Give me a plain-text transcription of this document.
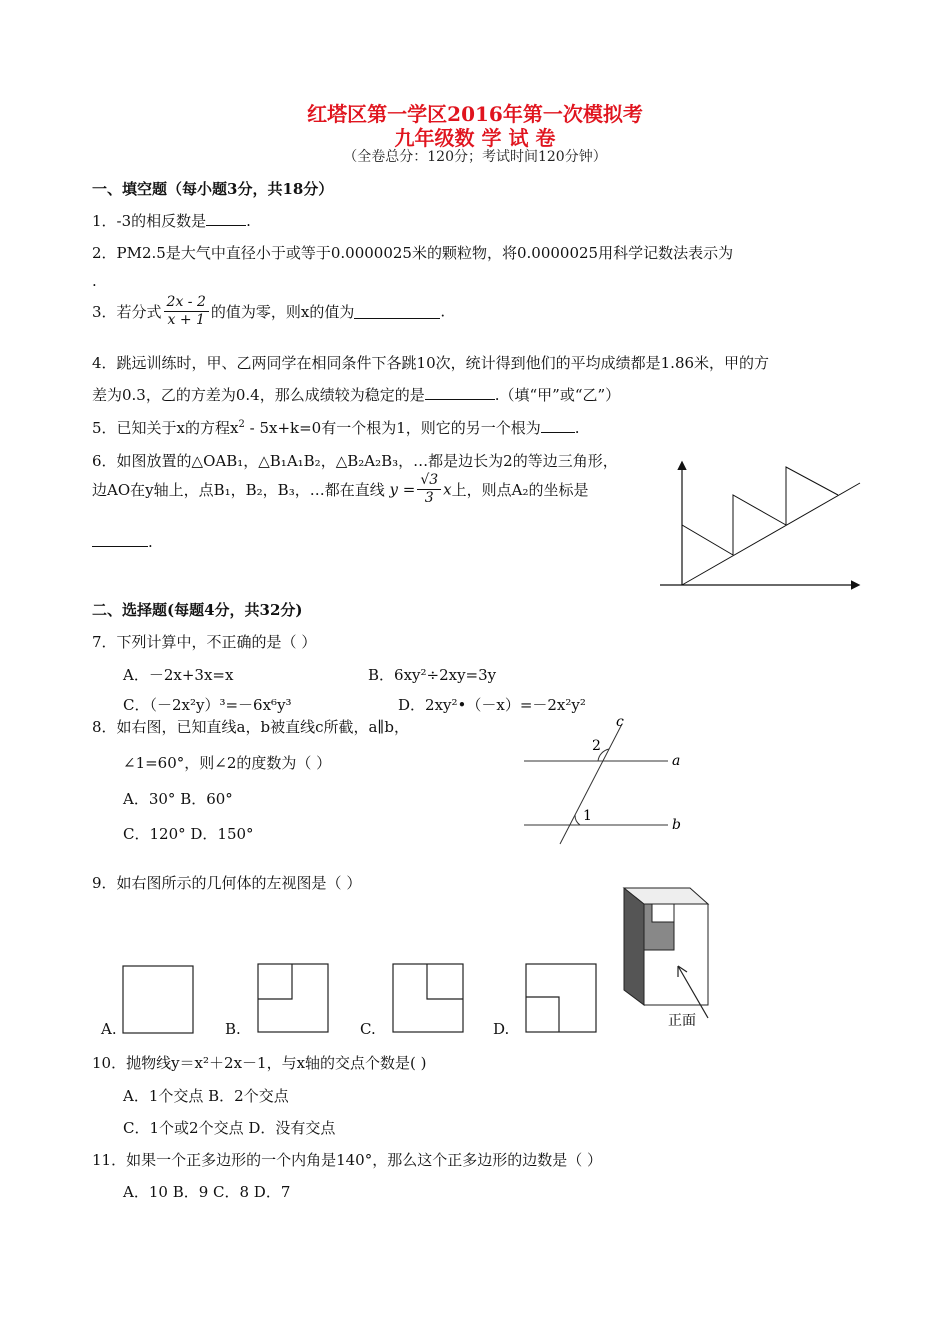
红塔区第一学区2016年第一次模拟考
九年级数 学 试 卷
（全卷总分：120分；考试时间120分钟）
一、填空题（每小题3分，共18分）
1．-3的相反数是	.
2．PM2.5是大气中直径小于或等于0.0000025米的颗粒物，将0.0000025用科学记数法表示为
.
3．若分式 $\frac{2x - 2}{x + 1}$ 的值为零，则x的值为	.
4．跳远训练时，甲、乙两同学在相同条件下各跳10次，统计得到他们的平均成绩都是1.86米，甲的方
差为0.3，乙的方差为0.4，那么成绩较为稳定的是	.（填“甲”或“乙”）
5．已知关于x的方程$x^2 - 5x+k=0$有一个根为1，则它的另一个根为 .
6．如图放置的△OAB₁，△B₁A₁B₂，△B₂A₂B₃，…都是边长为2的等边三角形，
边AO在y轴上，点B₁，B₂，B₃，…都在直线 $y = \frac{√3}{3}$ x上，则点A₂的坐标是
.
二、选择题(每题4分，共32分)
7．下列计算中，不正确的是（ ）
A．－2x+3x=x	B．6xy²÷2xy=3y
C．（－2x²y）³=－6x⁶y³	D．2xy²•（－x）=－2x²y²
8．如右图，已知直线a，b被直线c所截，a∥b，
∠1=60°，则∠2的度数为（ ）
A．30° B．60°
C．120° D．150°
c
2
a
1
b
9．如右图所示的几何体的左视图是（ ）
正面
A.	B.	C.	D.
10．抛物线y＝x²＋2x－1，与x轴的交点个数是( )
A．1个交点 B．2个交点
C．1个或2个交点 D．没有交点
11．如果一个正多边形的一个内角是140°，那么这个正多边形的边数是（ ）
A．10 B．9 C．8 D．7
